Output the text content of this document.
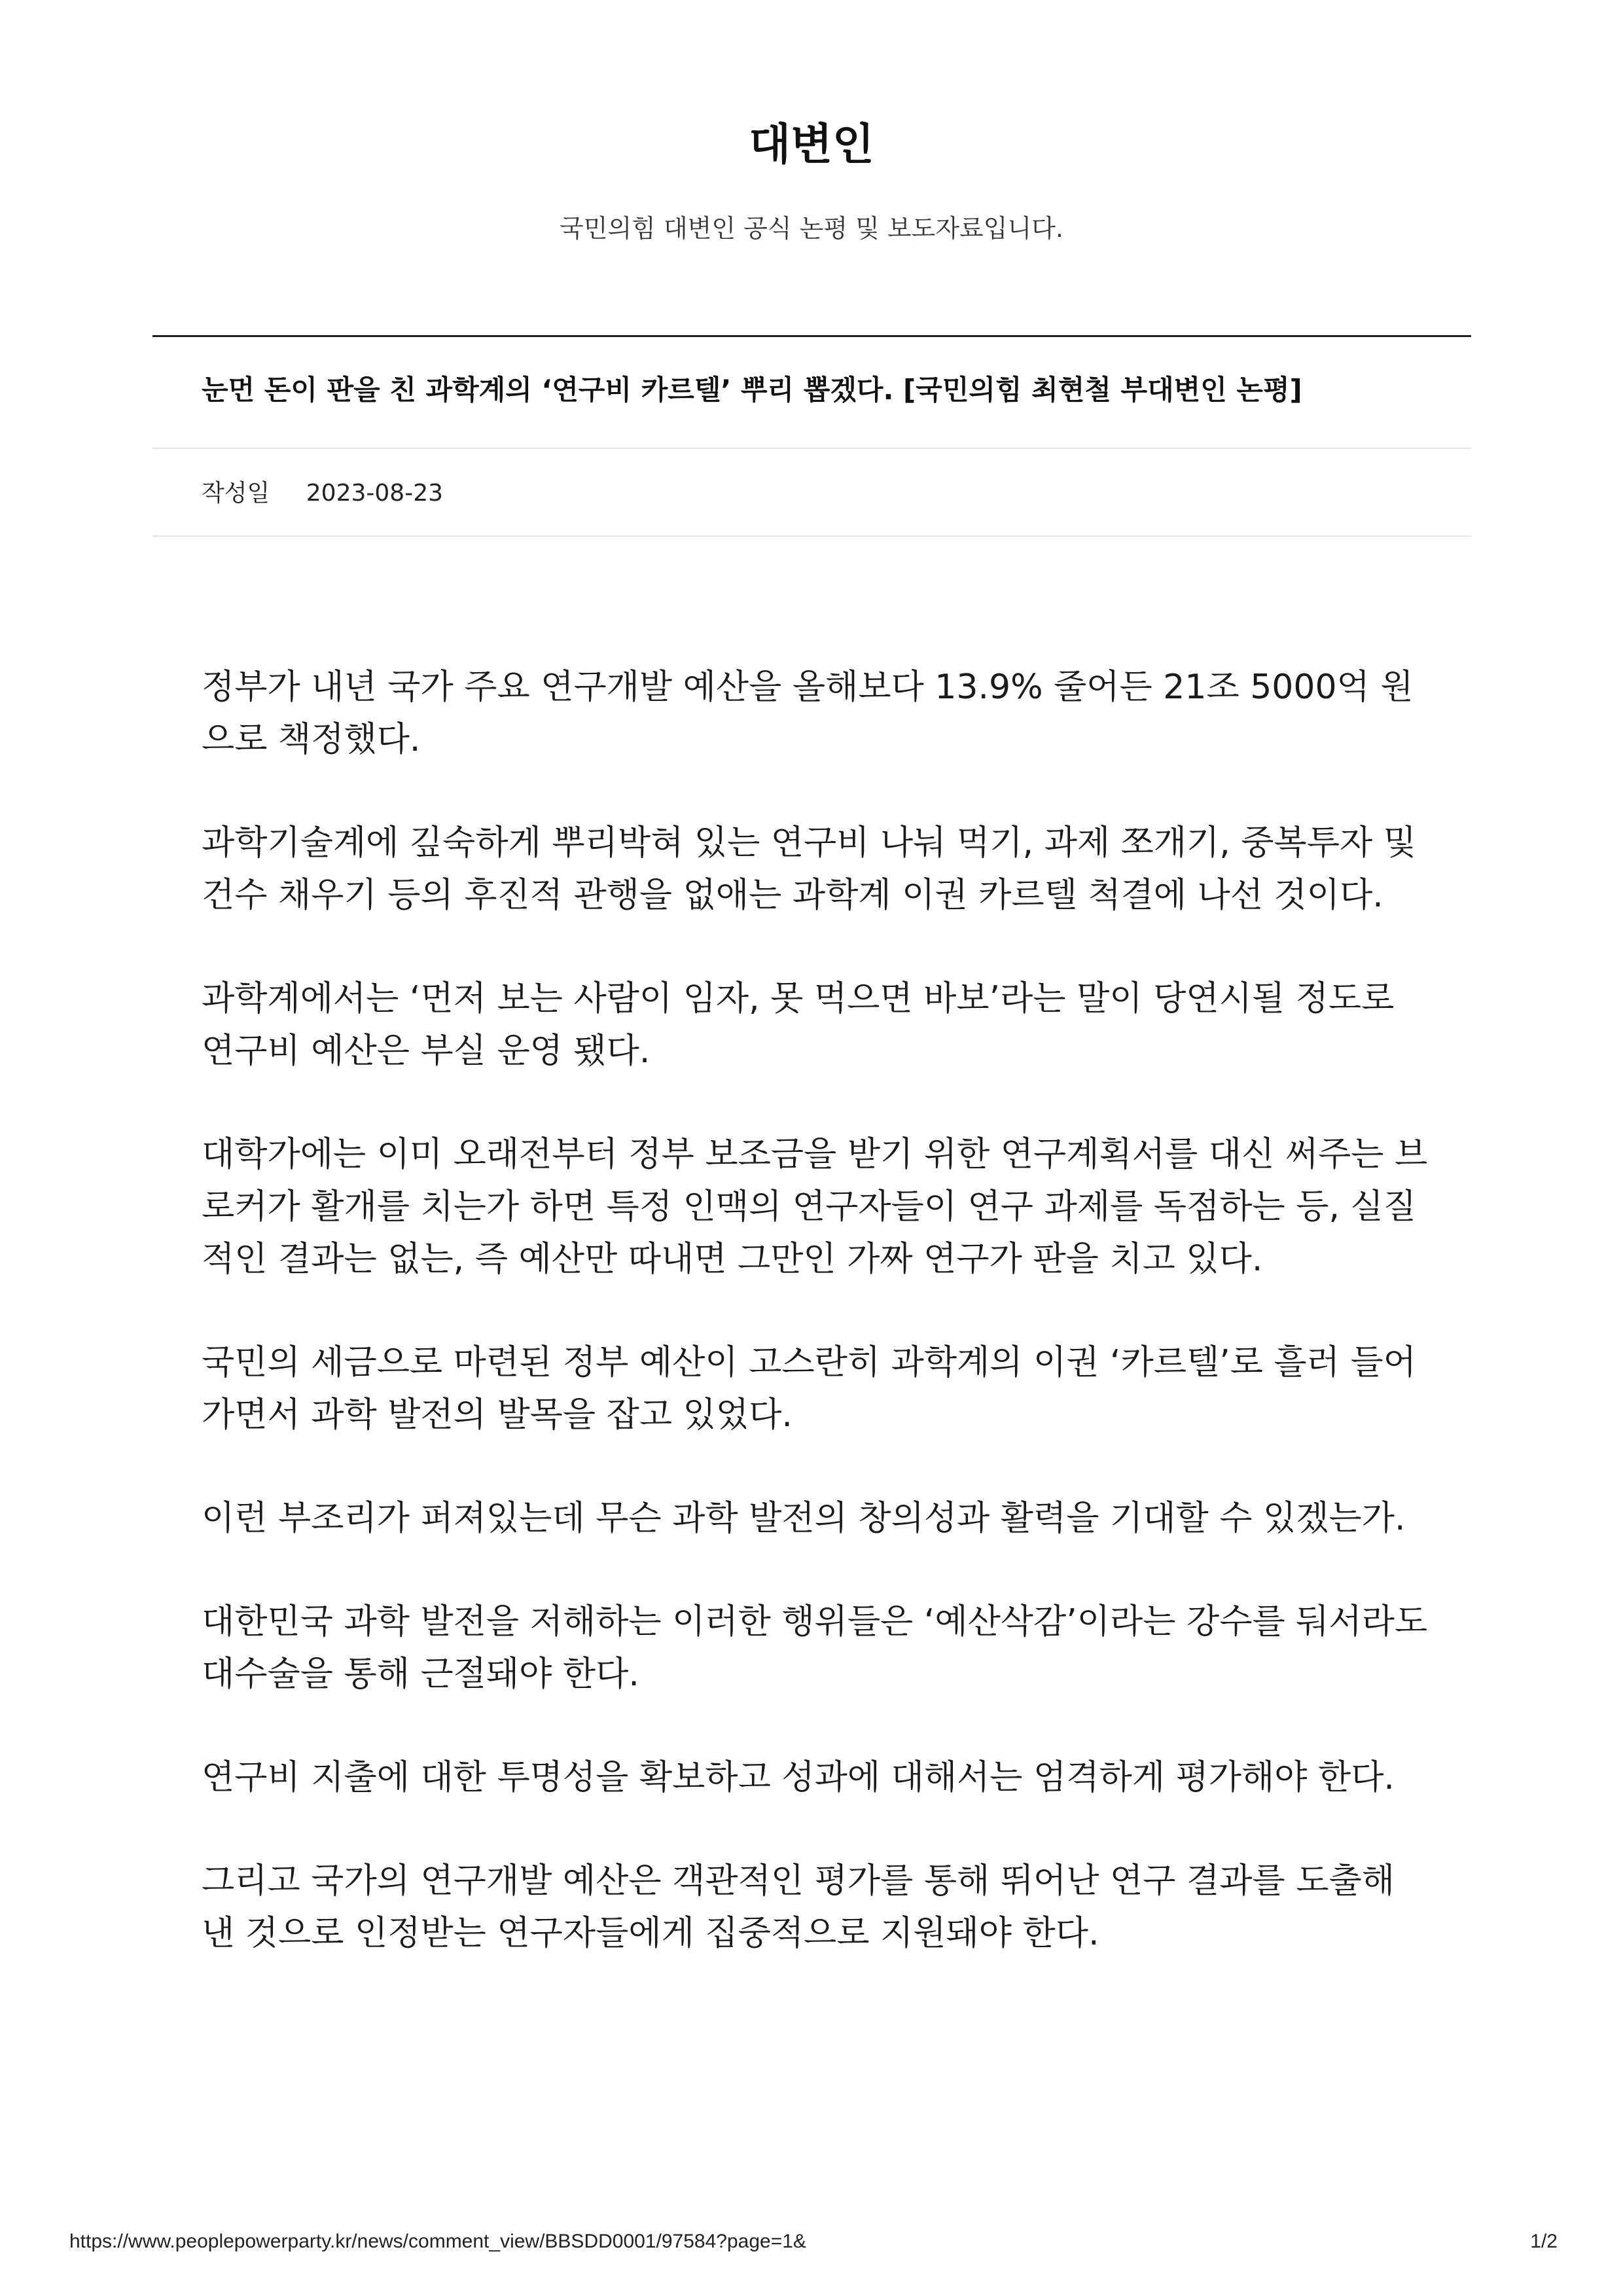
대변인

국민의힘 대변인 공식 논평 및 보도자료입니다.

눈먼 돈이 판을 친 과학계의 ‘연구비 카르텔’ 뿌리 뽑겠다. [국민의힘 최현철 부대변인 논평]
작성일 2023-08-23

정부가 내년 국가 주요 연구개발 예산을 올해보다 13.9% 줄어든 21조 5000억 원으로 책정했다.

과학기술계에 깊숙하게 뿌리박혀 있는 연구비 나눠 먹기, 과제 쪼개기, 중복투자 및 건수 채우기 등의 후진적 관행을 없애는 과학계 이권 카르텔 척결에 나선 것이다.

과학계에서는 ‘먼저 보는 사람이 임자, 못 먹으면 바보’라는 말이 당연시될 정도로 연구비 예산은 부실 운영 됐다.

대학가에는 이미 오래전부터 정부 보조금을 받기 위한 연구계획서를 대신 써주는 브로커가 활개를 치는가 하면 특정 인맥의 연구자들이 연구 과제를 독점하는 등, 실질적인 결과는 없는, 즉 예산만 따내면 그만인 가짜 연구가 판을 치고 있다.

국민의 세금으로 마련된 정부 예산이 고스란히 과학계의 이권 ‘카르텔’로 흘러 들어가면서 과학 발전의 발목을 잡고 있었다.

이런 부조리가 퍼져있는데 무슨 과학 발전의 창의성과 활력을 기대할 수 있겠는가.

대한민국 과학 발전을 저해하는 이러한 행위들은 ‘예산삭감’이라는 강수를 둬서라도 대수술을 통해 근절돼야 한다.

연구비 지출에 대한 투명성을 확보하고 성과에 대해서는 엄격하게 평가해야 한다.

그리고 국가의 연구개발 예산은 객관적인 평가를 통해 뛰어난 연구 결과를 도출해 낸 것으로 인정받는 연구자들에게 집중적으로 지원돼야 한다.

https://www.peoplepowerparty.kr/news/comment_view/BBSDD0001/97584?page=1&	1/2
